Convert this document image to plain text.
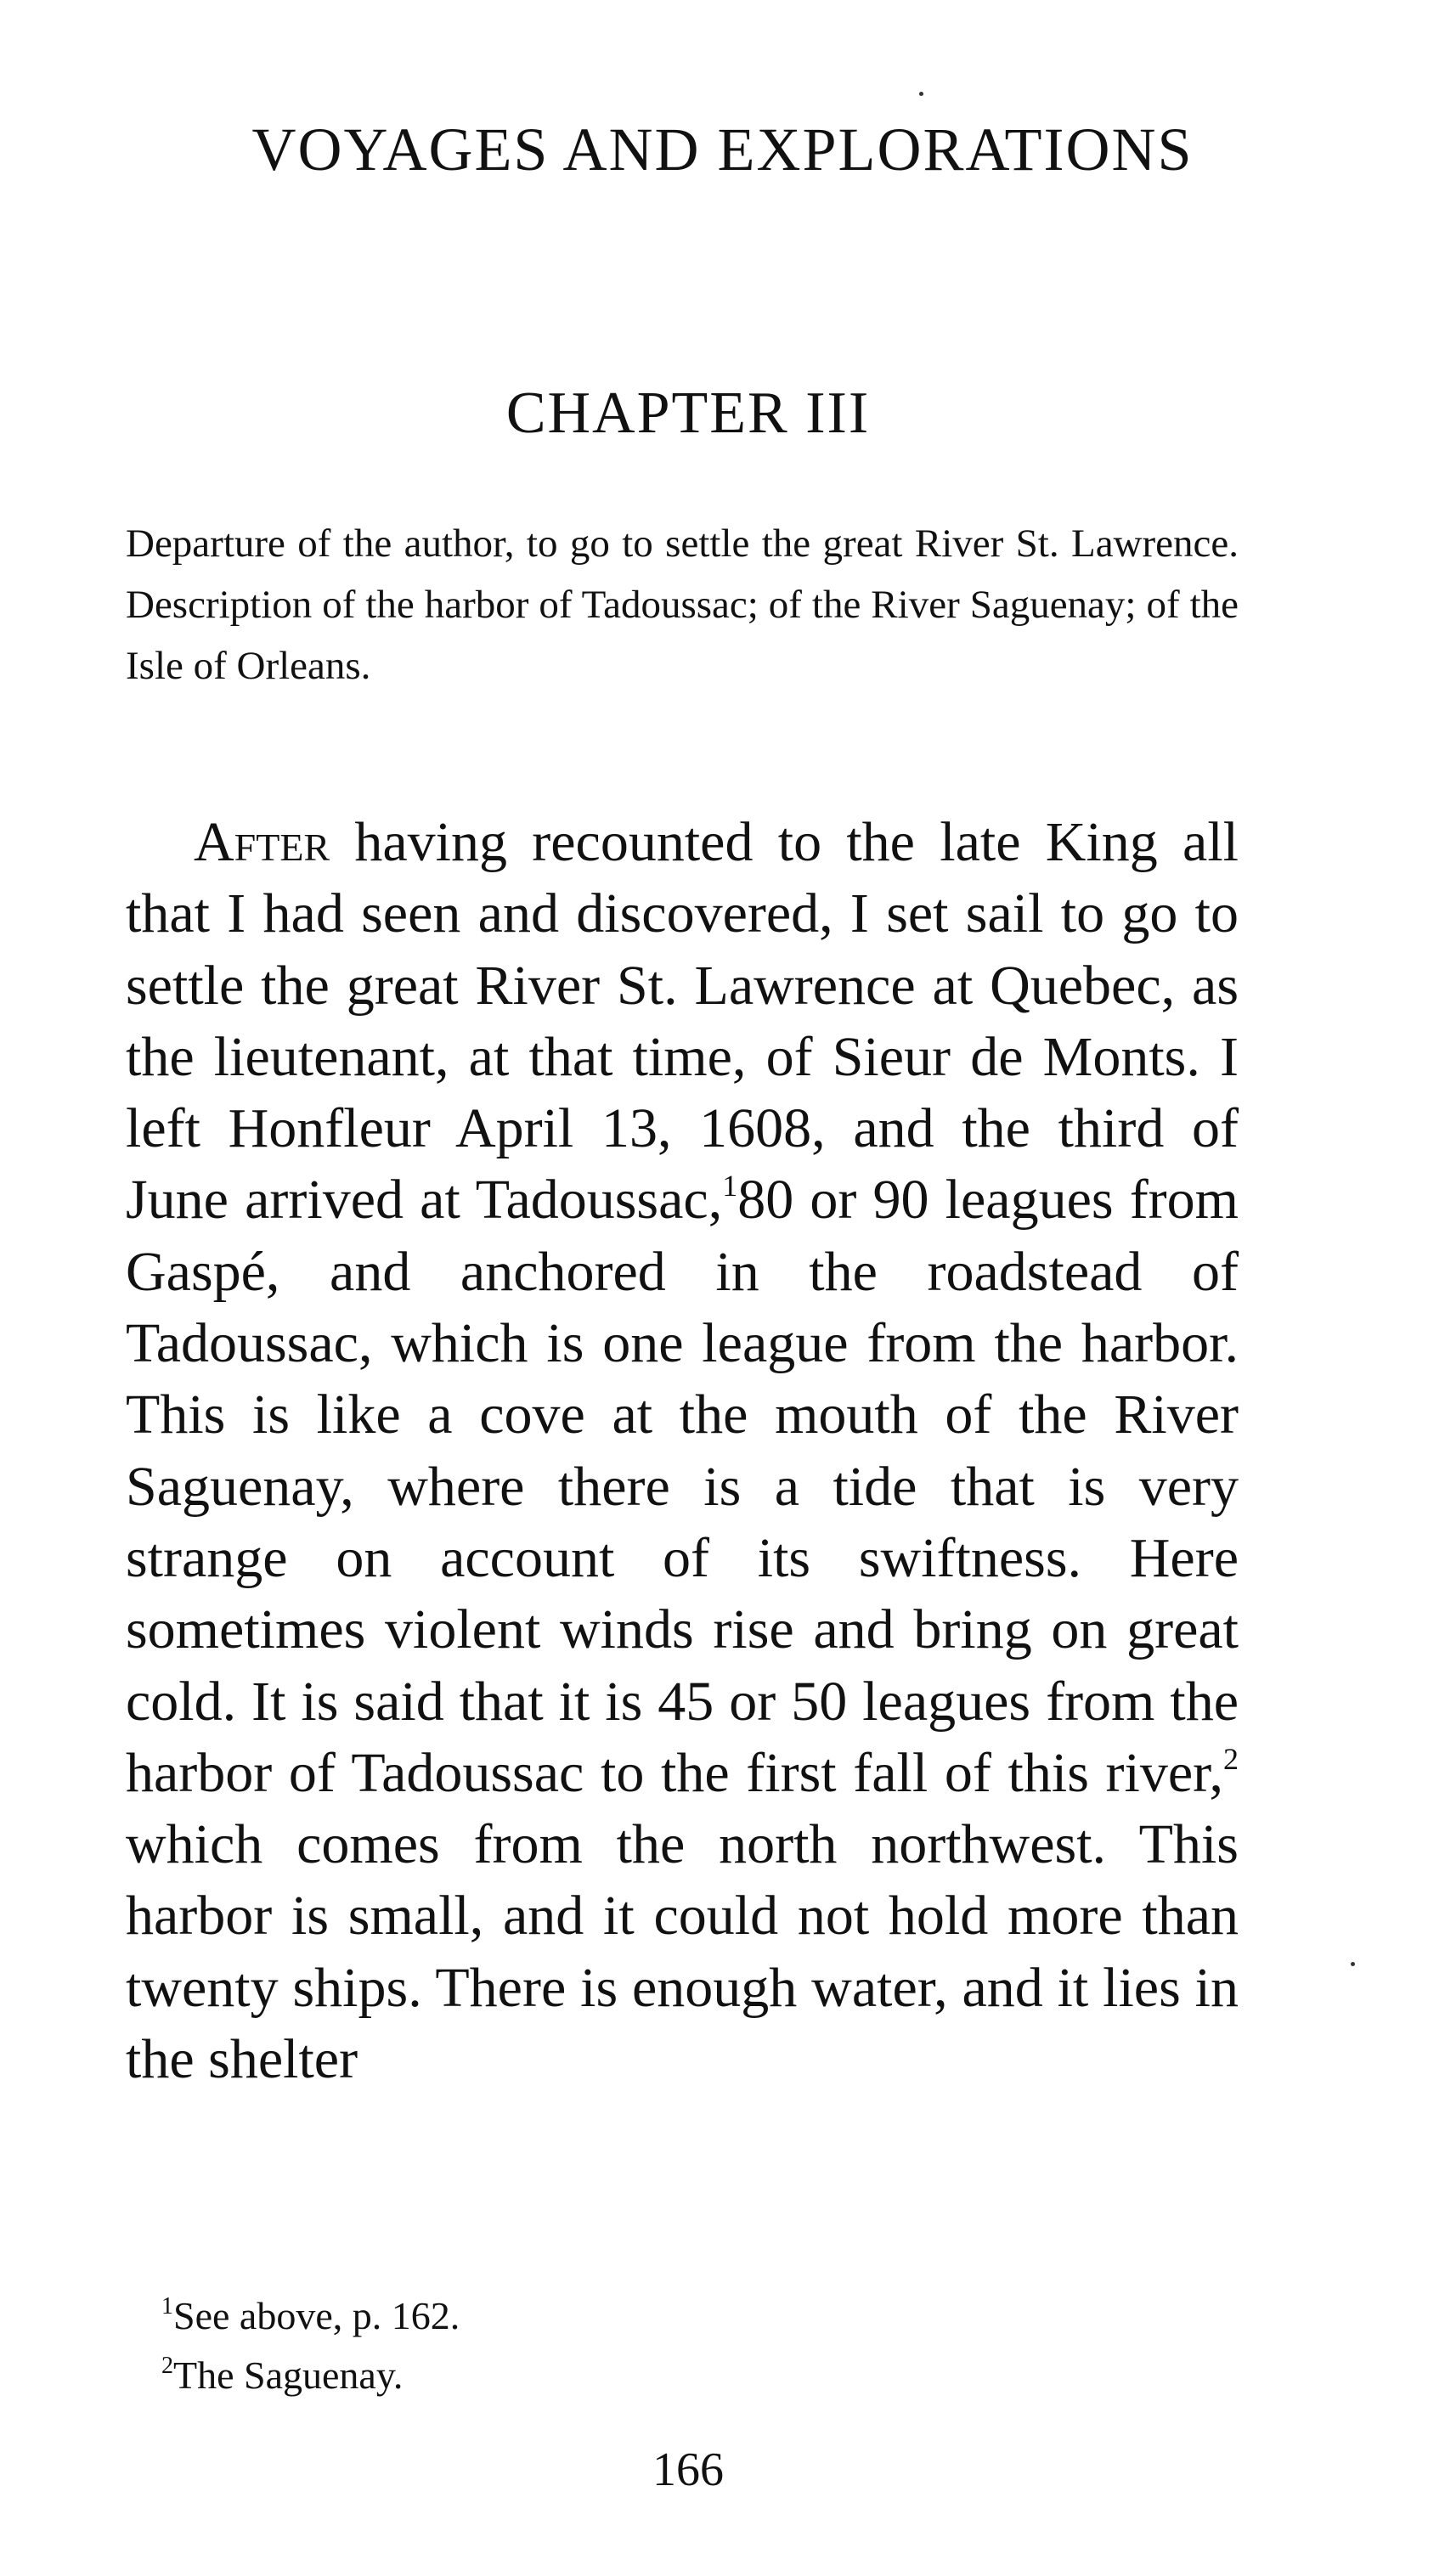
VOYAGES AND EXPLORATIONS
CHAPTER III

Departure of the author, to go to settle the great River St. Lawrence. Description of the harbor of Tadoussac; of the River Saguenay; of the Isle of Orleans.

After having recounted to the late King all that I had seen and discovered, I set sail to go to settle the great River St. Lawrence at Quebec, as the lieutenant, at that time, of Sieur de Monts. I left Honfleur April 13, 1608, and the third of June arrived at Tadoussac,$^1$80 or 90 leagues from Gaspé, and anchored in the roadstead of Tadoussac, which is one league from the harbor. This is like a cove at the mouth of the River Saguenay, where there is a tide that is very strange on account of its swiftness. Here sometimes violent winds rise and bring on great cold. It is said that it is 45 or 50 leagues from the harbor of Tadoussac to the first fall of this river,$^2$ which comes from the north northwest. This harbor is small, and it could not hold more than twenty ships. There is enough water, and it lies in the shelter

$^1$See above, p. 162.
$^2$The Saguenay.
166
